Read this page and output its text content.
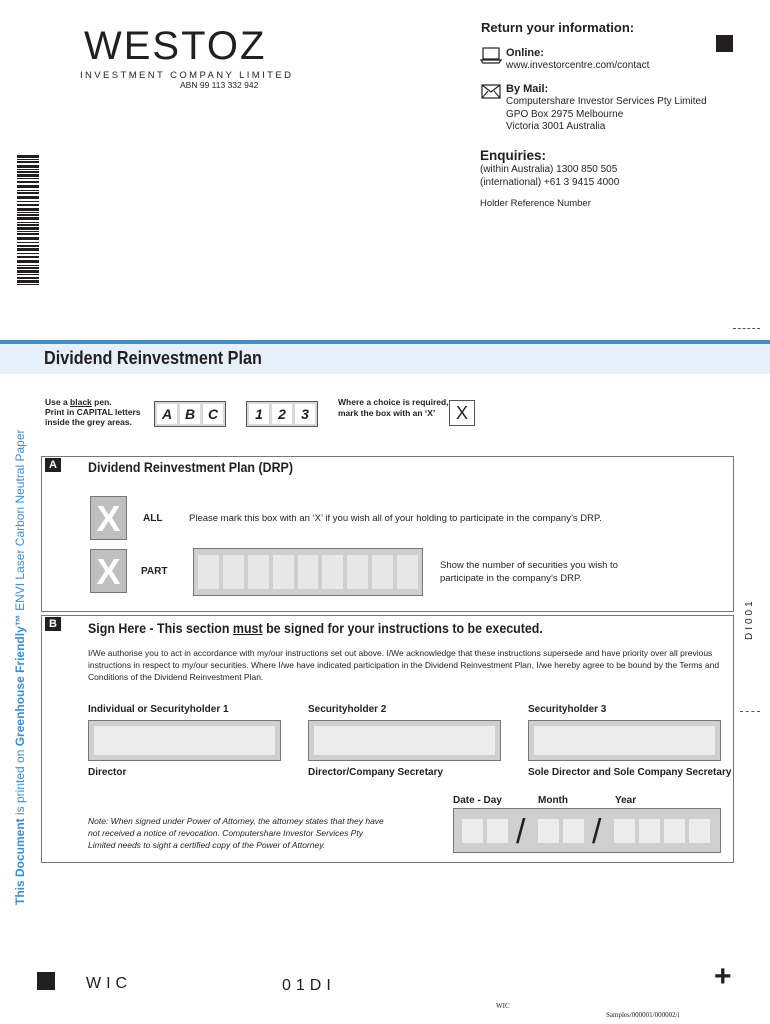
WESTOZ
INVESTMENT COMPANY LIMITED
ABN 99 113 332 942
Return your information:
Online:
www.investorcentre.com/contact
By Mail:
Computershare Investor Services Pty Limited
GPO Box 2975 Melbourne
Victoria 3001 Australia
Enquiries:
(within Australia) 1300 850 505
(international) +61 3 9415 4000
Holder Reference Number
Dividend Reinvestment Plan
Use a black pen.
Print in CAPITAL letters
inside the grey areas.	A B C	1	2	3
Where a choice is required,
mark the box with an ‘X’	X
A Dividend Reinvestment Plan (DRP)
X	ALL	Please mark this box with an ‘X’ if you wish all of your holding to participate in the company’s DRP.
X	PART
Show the number of securities you wish to participate in the company’s DRP.
B Sign Here - This section must be signed for your instructions to be executed.
I/We authorise you to act in accordance with my/our instructions set out above. I/We acknowledge that these instructions supersede and have priority over all previous instructions in respect to my/our securities. Where I/we have indicated participation in the Dividend Reinvestment Plan, I/we hereby agree to be bound by the Terms and Conditions of the Dividend Reinvestment Plan.
Individual or Securityholder 1	Securityholder 2	Securityholder 3
Director	Director/Company Secretary	Sole Director and Sole Company Secretary
Date - Day	Month	Year
Note: When signed under Power of Attorney, the attorney states that they have not received a notice of revocation. Computershare Investor Services Pty Limited needs to sight a certified copy of the Power of Attorney.	/ /
This Document is printed on Greenhouse Friendly™ ENVI Laser Carbon Neutral Paper
DI001
WIC	01DI	+
WIC
Samples/000001/000002/i
